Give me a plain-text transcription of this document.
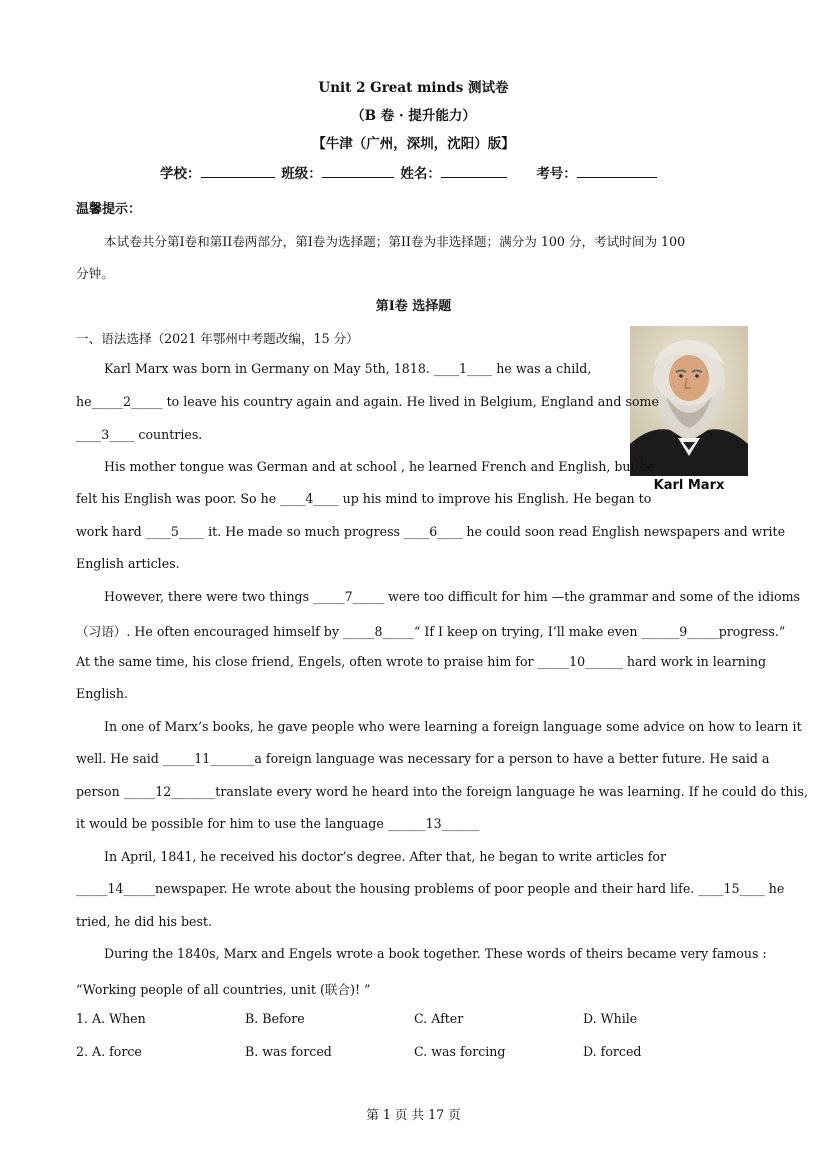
Unit 2 Great minds 测试卷
（B 卷 · 提升能力）
【牛津（广州，深圳，沈阳）版】
学校：	班级：	姓名：	考号：
温馨提示：
本试卷共分第I卷和第II卷两部分，第I卷为选择题；第II卷为非选择题；满分为 100 分，考试时间为 100
分钟。
第I卷 选择题
一、语法选择（2021 年鄂州中考题改编，15 分）
Karl Marx
Karl Marx was born in Germany on May 5th, 1818. ____1____ he was a child,
he_____2_____ to leave his country again and again. He lived in Belgium, England and some
____3____ countries.
His mother tongue was German and at school , he learned French and English, but he
felt his English was poor. So he ____4____ up his mind to improve his English. He began to
work hard ____5____ it. He made so much progress ____6____ he could soon read English newspapers and write
English articles.
However, there were two things _____7_____ were too difficult for him —the grammar and some of the idioms
（习语）. He often encouraged himself by _____8_____“ If I keep on trying, I’ll make even ______9_____progress.”
At the same time, his close friend, Engels, often wrote to praise him for _____10______ hard work in learning
English.
In one of Marx’s books, he gave people who were learning a foreign language some advice on how to learn it
well. He said _____11_______a foreign language was necessary for a person to have a better future. He said a
person _____12_______translate every word he heard into the foreign language he was learning. If he could do this,
it would be possible for him to use the language ______13______
In April, 1841, he received his doctor’s degree. After that, he began to write articles for
_____14_____newspaper. He wrote about the housing problems of poor people and their hard life. ____15____ he
tried, he did his best.
During the 1840s, Marx and Engels wrote a book together. These words of theirs became very famous :
“Working people of all countries, unit (联合)! ”
1. A. When	B. Before	C. After	D. While
2. A. force	B. was forced	C. was forcing	D. forced
第 1 页 共 17 页
